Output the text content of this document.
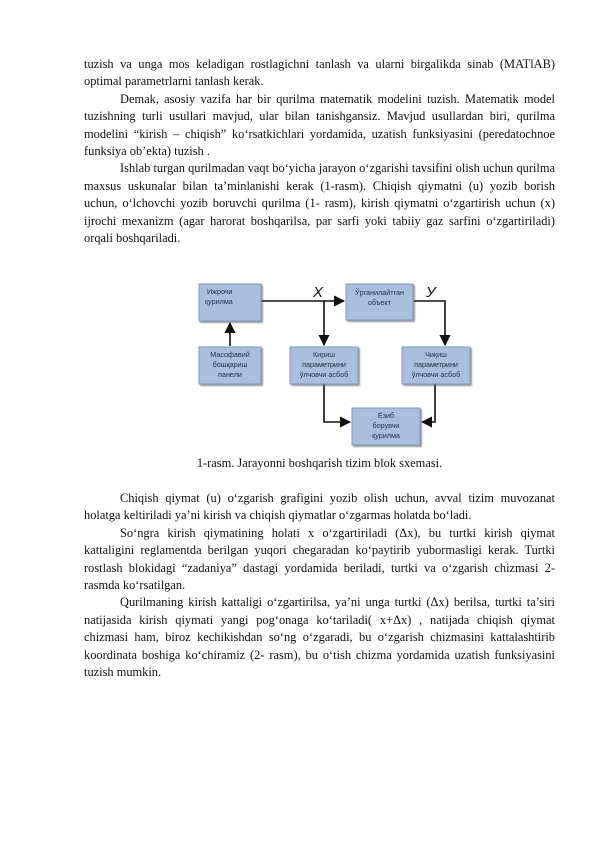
tuzish va unga mos keladigan rostlagichni tanlash va ularni birgalikda sinab (MATlAB) optimal parametrlarni tanlash kerak.

Demak, asosiy vazifa har bir qurilma matematik modelini tuzish. Matematik model tuzishning turli usullari mavjud, ular bilan tanishgansiz. Mavjud usullardan biri, qurilma modelini “kirish – chiqish” ko‘rsatkichlari yordamida, uzatish funksiyasini (peredatochnoe funksiya ob’ekta) tuzish .

Ishlab turgan qurilmadan vaqt bo‘yicha jarayon o‘zgarishi tavsifini olish uchun qurilma maxsus uskunalar bilan ta’minlanishi kerak (1-rasm). Chiqish qiymatni (u) yozib borish uchun, o‘lchovchi yozib boruvchi qurilma (1- rasm), kirish qiymatni o‘zgartirish uchun (x) ijrochi mexanizm (agar harorat boshqarilsa, par sarfi yoki tabiiy gaz sarfini o‘zgartiriladi) orqali boshqariladi.

Ижрочи
қурилма
Ўрганилайтган
объект
Масофавий
бошқариш
панели
Кириш
параметрини
ўлчовчи асбоб
Чиқиш
параметрини
ўлчовчи асбоб
Ёзиб
борувчи
қурилма
X	У
1-rasm. Jarayonni boshqarish tizim blok sxemasi.

Chiqish qiymat (u) o‘zgarish grafigini yozib olish uchun, avval tizim muvozanat holatga keltiriladi ya’ni kirish va chiqish qiymatlar o‘zgarmas holatda bo‘ladi.

So‘ngra kirish qiymatining holati x o‘zgartiriladi (Δx), bu turtki kirish qiymat kattaligini reglamentda berilgan yuqori chegaradan ko‘paytirib yubormasligi kerak. Turtki rostlash blokidagi “zadaniya” dastagi yordamida beriladi, turtki va o‘zgarish chizmasi 2- rasmda ko‘rsatilgan.

Qurilmaning kirish kattaligi o‘zgartirilsa, ya’ni unga turtki (Δx) berilsa, turtki ta’siri natijasida kirish qiymati yangi pog‘onaga ko‘tariladi( x+Δx) , natijada chiqish qiymat chizmasi ham, biroz kechikishdan so‘ng o‘zgaradi, bu o‘zgarish chizmasini kattalashtirib koordinata boshiga ko‘chiramiz (2- rasm), bu o‘tish chizma yordamida uzatish funksiyasini tuzish mumkin.
